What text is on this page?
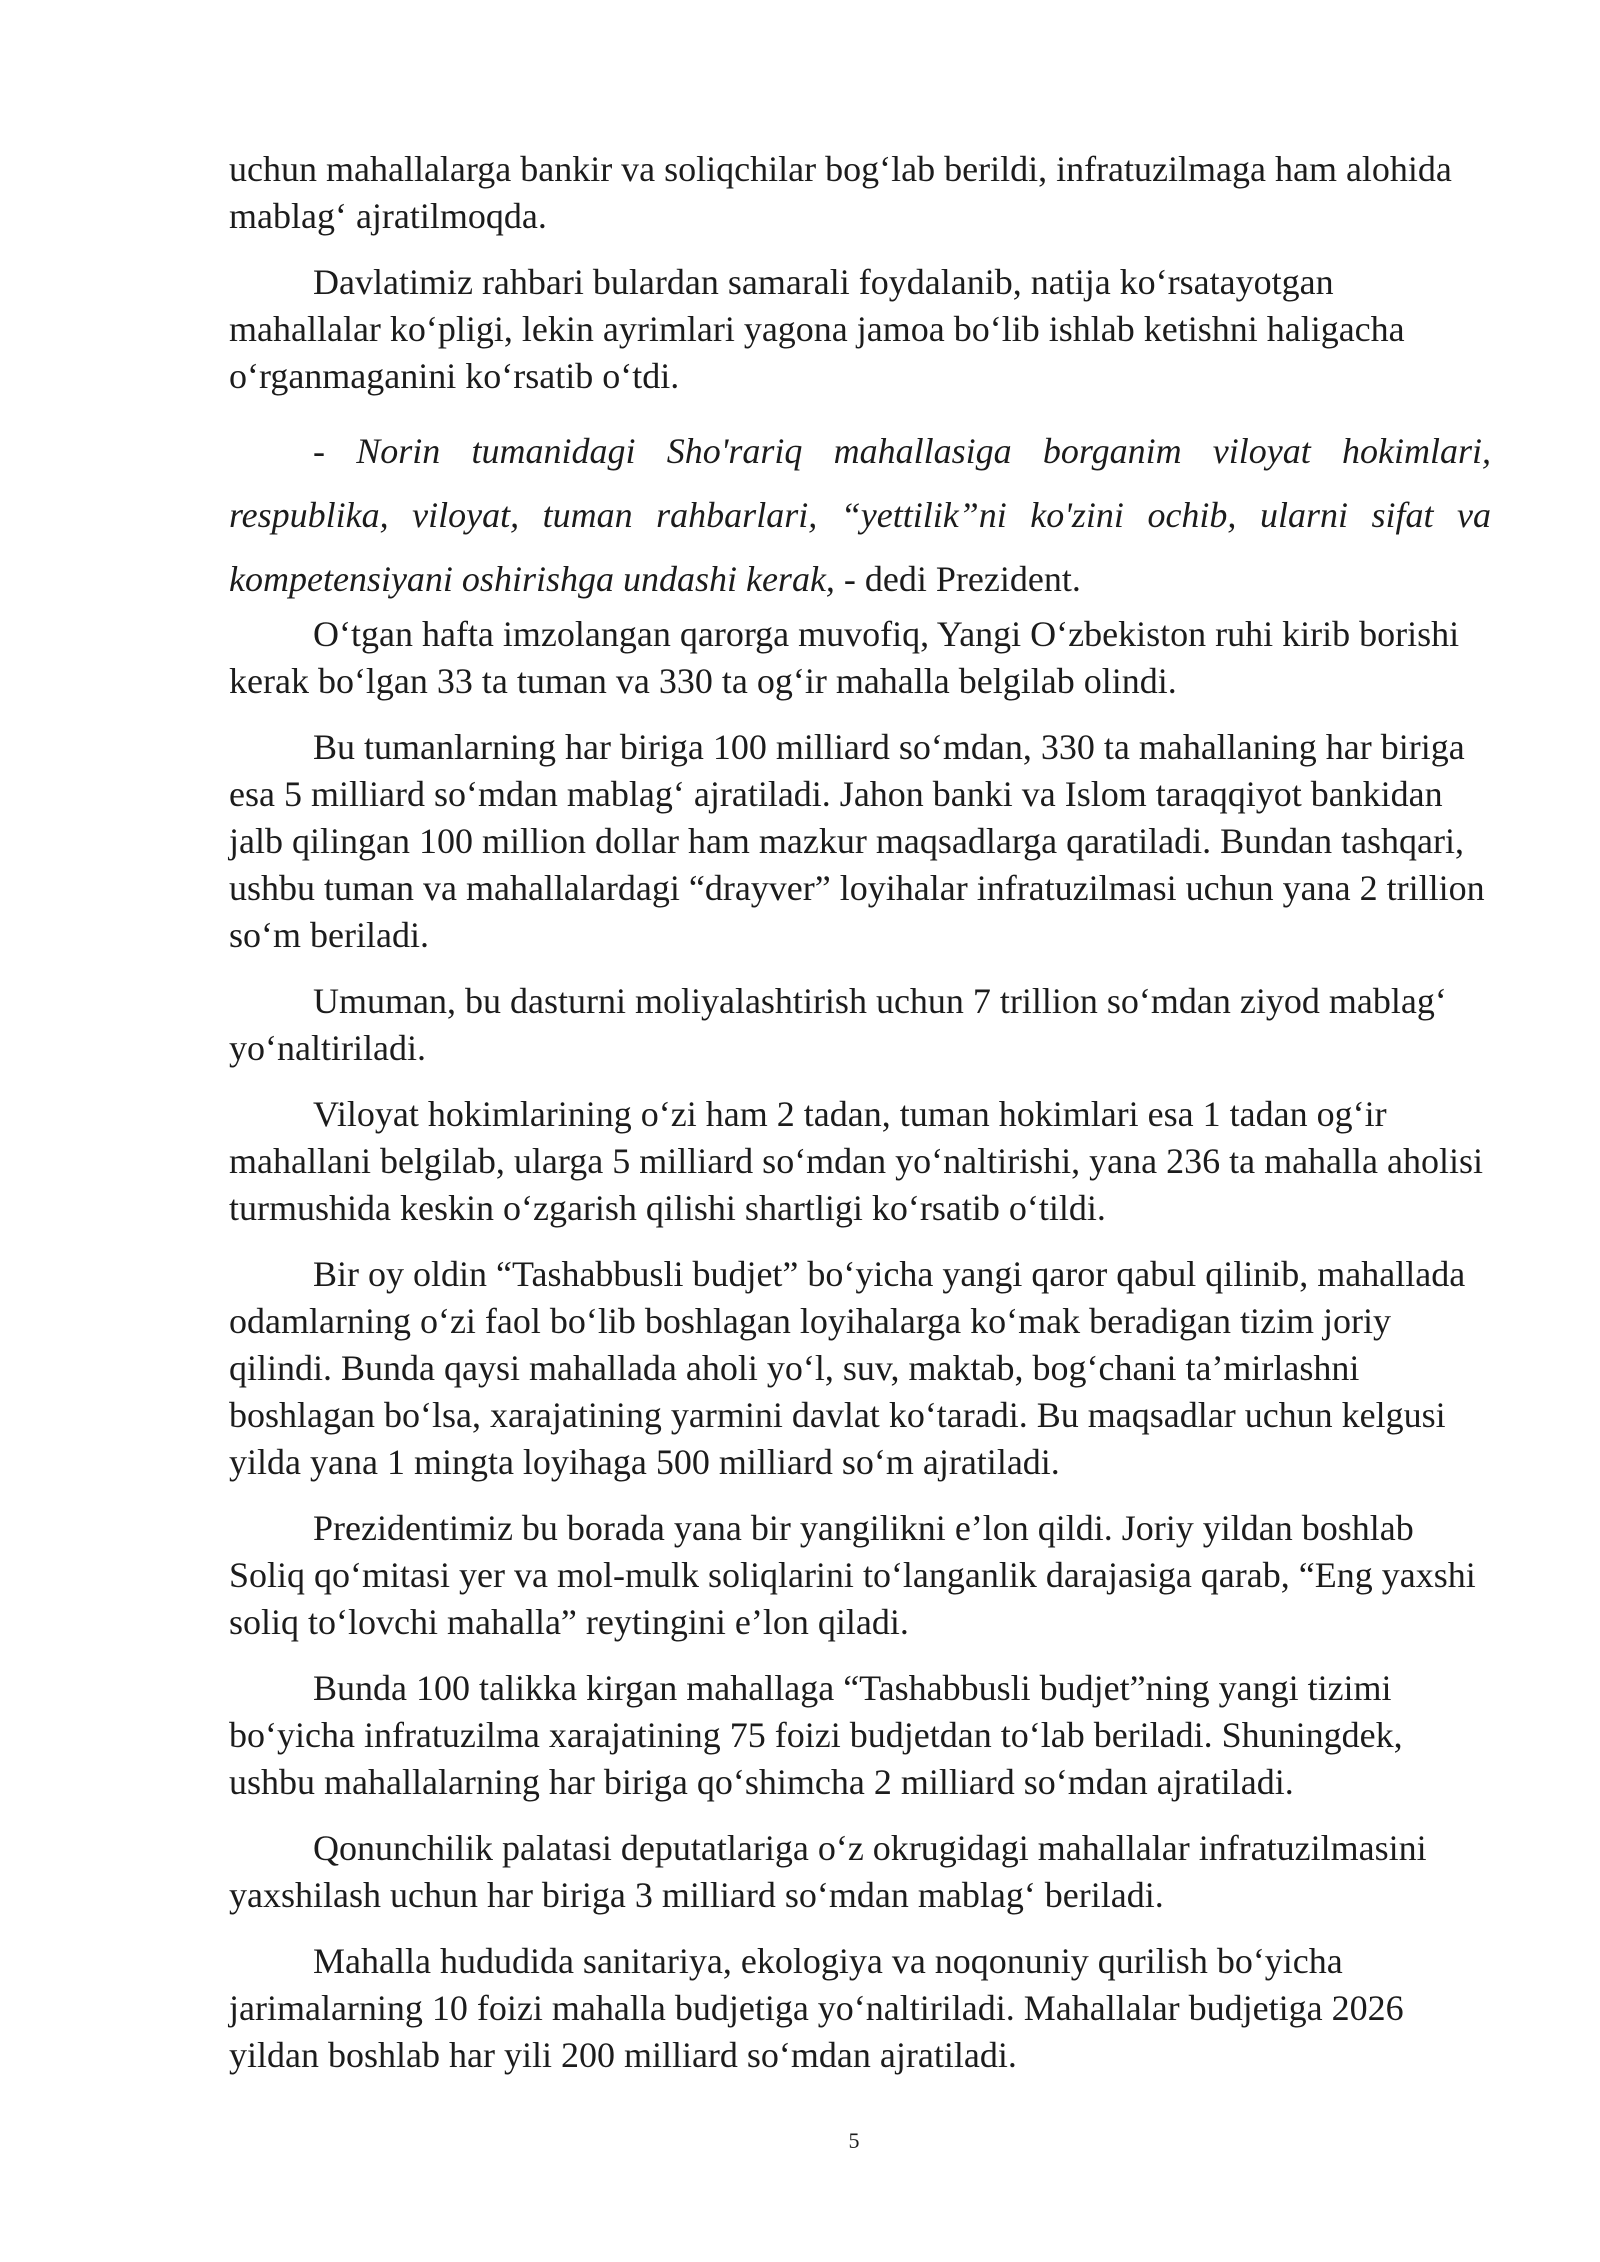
uchun mahallalarga bankir va soliqchilar bog‘lab berildi, infratuzilmaga ham alohida mablag‘ ajratilmoqda.

Davlatimiz rahbari bulardan samarali foydalanib, natija ko‘rsatayotgan mahallalar ko‘pligi, lekin ayrimlari yagona jamoa bo‘lib ishlab ketishni haligacha o‘rganmaganini ko‘rsatib o‘tdi.

- Norin tumanidagi Sho'rariq mahallasiga borganim viloyat hokimlari, respublika, viloyat, tuman rahbarlari, “yettilik”ni ko'zini ochib, ularni sifat va kompetensiyani oshirishga undashi kerak, - dedi Prezident.

O‘tgan hafta imzolangan qarorga muvofiq, Yangi O‘zbekiston ruhi kirib borishi kerak bo‘lgan 33 ta tuman va 330 ta og‘ir mahalla belgilab olindi.

Bu tumanlarning har biriga 100 milliard so‘mdan, 330 ta mahallaning har biriga esa 5 milliard so‘mdan mablag‘ ajratiladi. Jahon banki va Islom taraqqiyot bankidan jalb qilingan 100 million dollar ham mazkur maqsadlarga qaratiladi. Bundan tashqari, ushbu tuman va mahallalardagi “drayver” loyihalar infratuzilmasi uchun yana 2 trillion so‘m beriladi.

Umuman, bu dasturni moliyalashtirish uchun 7 trillion so‘mdan ziyod mablag‘ yo‘naltiriladi.

Viloyat hokimlarining o‘zi ham 2 tadan, tuman hokimlari esa 1 tadan og‘ir mahallani belgilab, ularga 5 milliard so‘mdan yo‘naltirishi, yana 236 ta mahalla aholisi turmushida keskin o‘zgarish qilishi shartligi ko‘rsatib o‘tildi.

Bir oy oldin “Tashabbusli budjet” bo‘yicha yangi qaror qabul qilinib, mahallada odamlarning o‘zi faol bo‘lib boshlagan loyihalarga ko‘mak beradigan tizim joriy qilindi. Bunda qaysi mahallada aholi yo‘l, suv, maktab, bog‘chani ta’mirlashni boshlagan bo‘lsa, xarajatining yarmini davlat ko‘taradi. Bu maqsadlar uchun kelgusi yilda yana 1 mingta loyihaga 500 milliard so‘m ajratiladi.

Prezidentimiz bu borada yana bir yangilikni e’lon qildi. Joriy yildan boshlab Soliq qo‘mitasi yer va mol-mulk soliqlarini to‘langanlik darajasiga qarab, “Eng yaxshi soliq to‘lovchi mahalla” reytingini e’lon qiladi.

Bunda 100 talikka kirgan mahallaga “Tashabbusli budjet”ning yangi tizimi bo‘yicha infratuzilma xarajatining 75 foizi budjetdan to‘lab beriladi. Shuningdek, ushbu mahallalarning har biriga qo‘shimcha 2 milliard so‘mdan ajratiladi.

Qonunchilik palatasi deputatlariga o‘z okrugidagi mahallalar infratuzilmasini yaxshilash uchun har biriga 3 milliard so‘mdan mablag‘ beriladi.

Mahalla hududida sanitariya, ekologiya va noqonuniy qurilish bo‘yicha jarimalarning 10 foizi mahalla budjetiga yo‘naltiriladi. Mahallalar budjetiga 2026 yildan boshlab har yili 200 milliard so‘mdan ajratiladi.

5
